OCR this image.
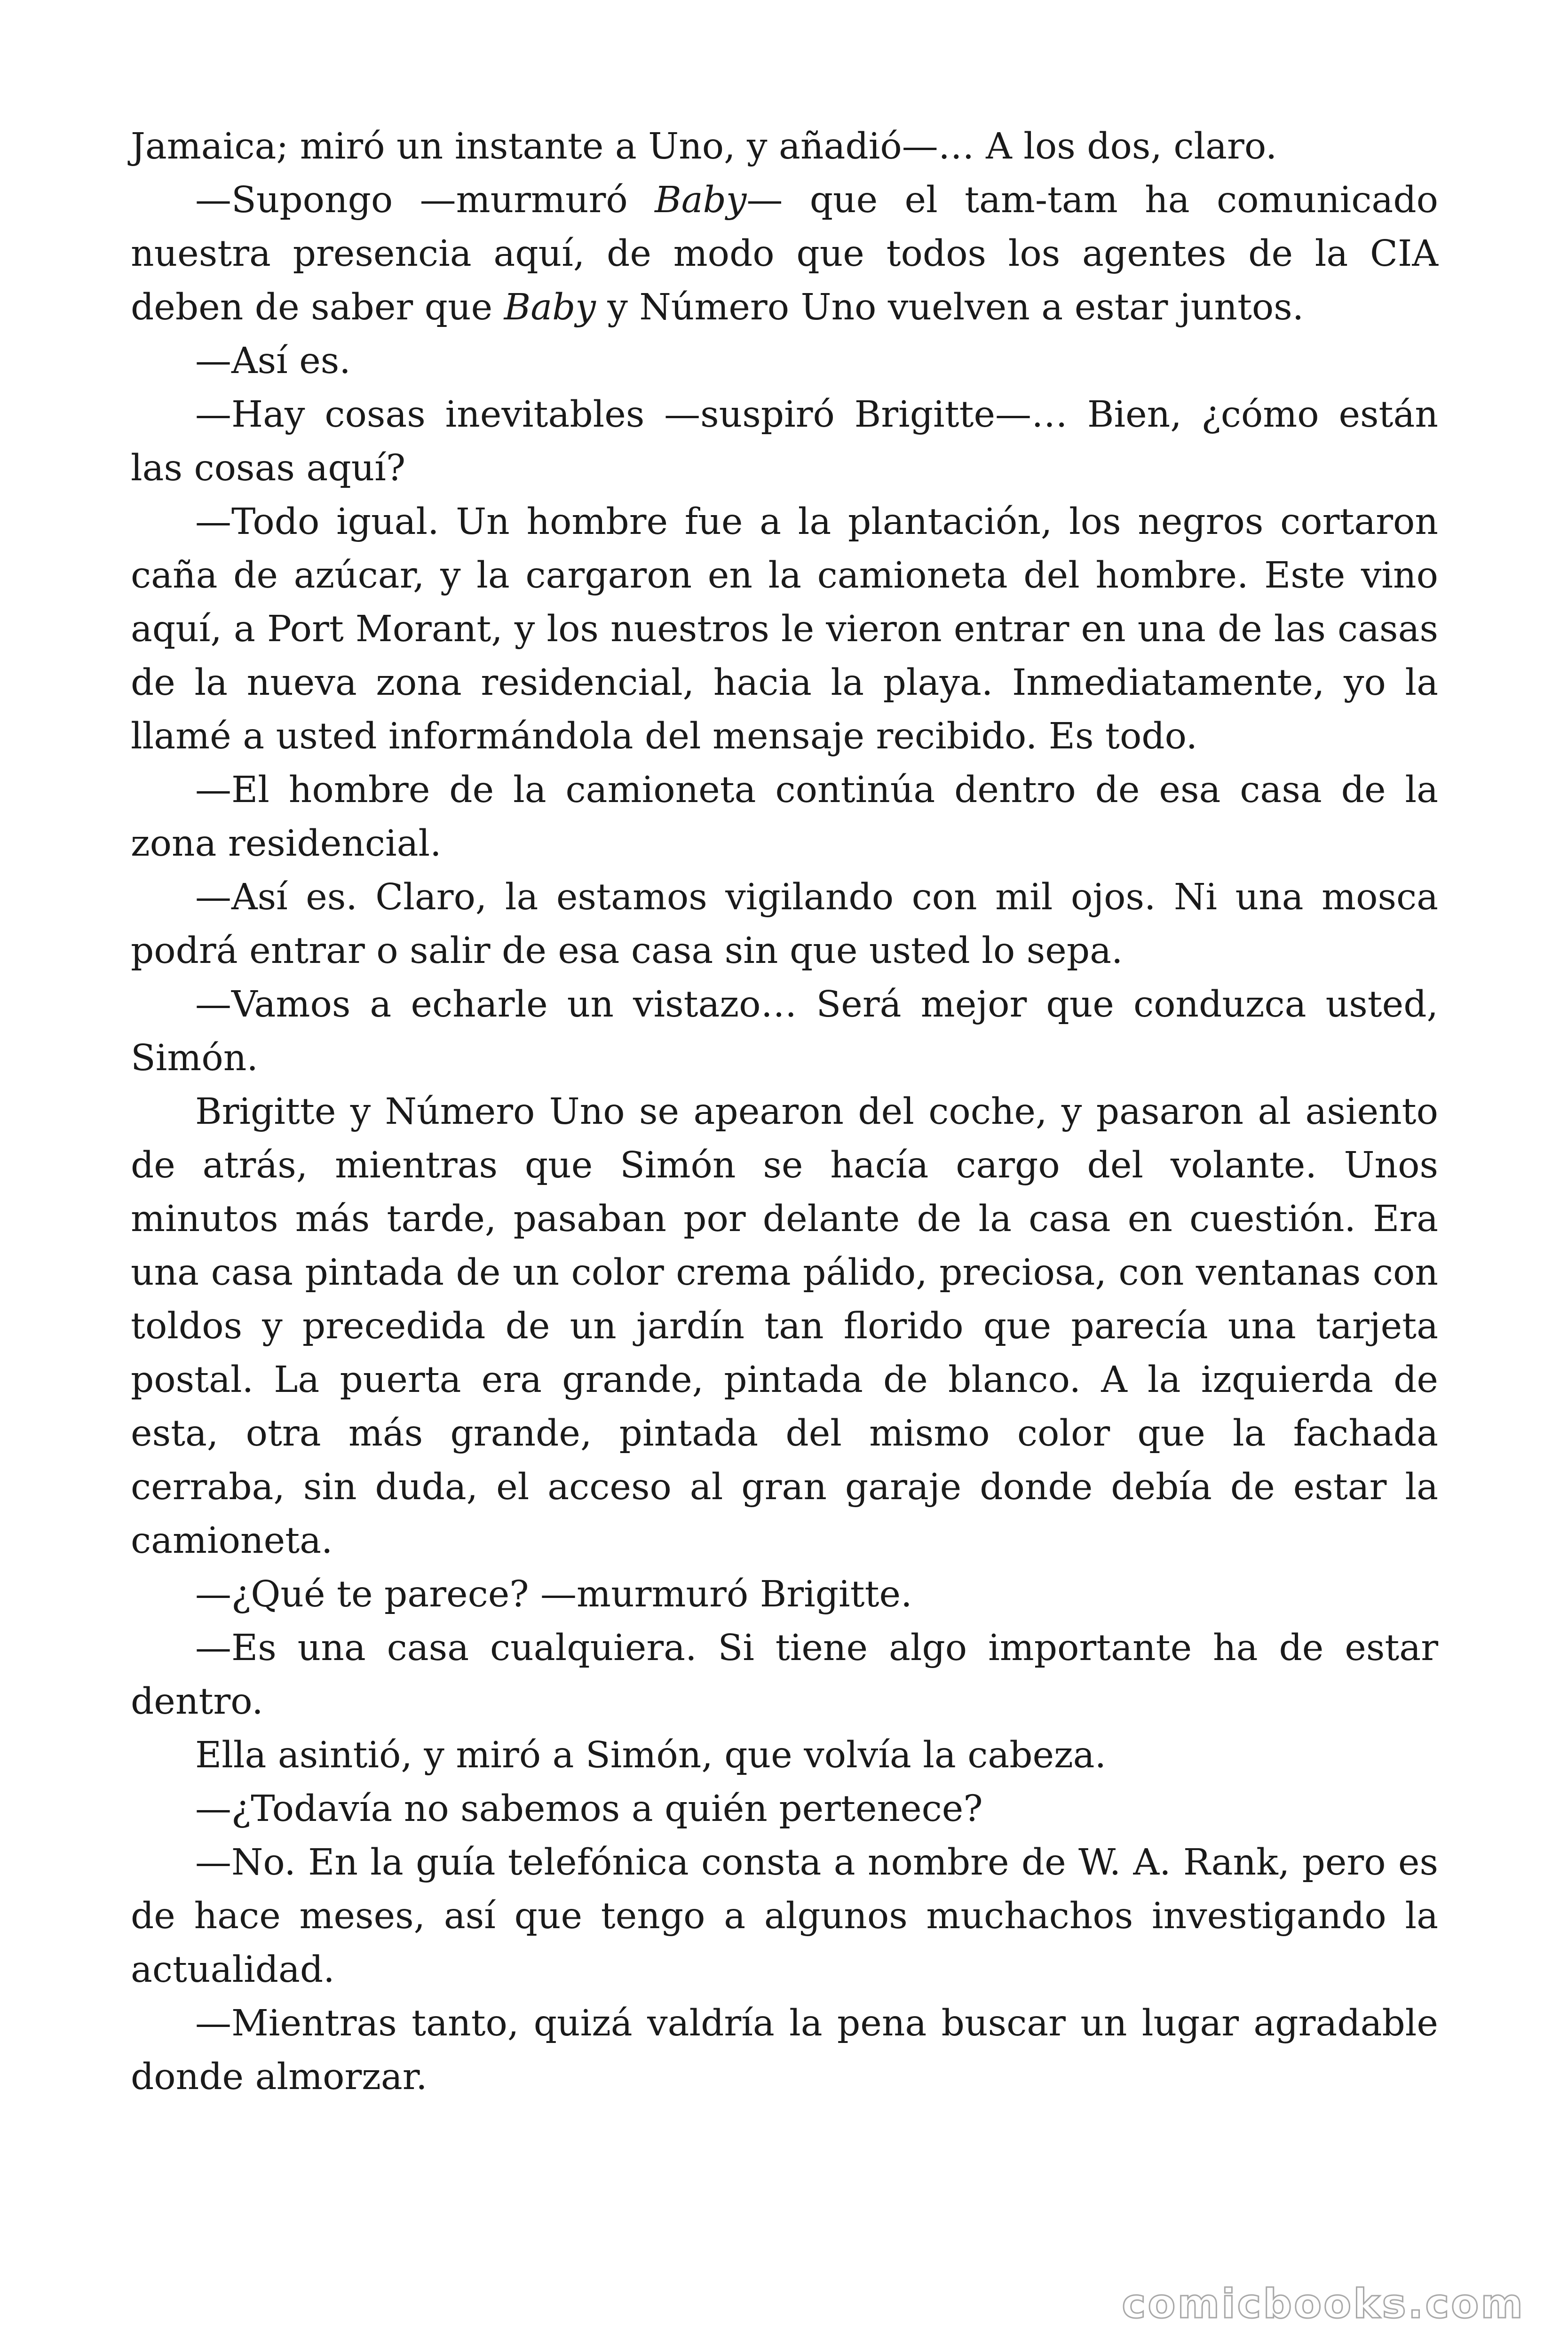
Jamaica; miró un instante a Uno, y añadió—… A los dos, claro.

—Supongo —murmuró Baby— que el tam-tam ha comunicado nuestra presencia aquí, de modo que todos los agentes de la CIA deben de saber que Baby y Número Uno vuelven a estar juntos.

—Así es.

—Hay cosas inevitables —suspiró Brigitte—… Bien, ¿cómo están las cosas aquí?

—Todo igual. Un hombre fue a la plantación, los negros cortaron caña de azúcar, y la cargaron en la camioneta del hombre. Este vino aquí, a Port Morant, y los nuestros le vieron entrar en una de las casas de la nueva zona residencial, hacia la playa. Inmediatamente, yo la llamé a usted informándola del mensaje recibido. Es todo.

—El hombre de la camioneta continúa dentro de esa casa de la zona residencial.

—Así es. Claro, la estamos vigilando con mil ojos. Ni una mosca podrá entrar o salir de esa casa sin que usted lo sepa.

—Vamos a echarle un vistazo… Será mejor que conduzca usted, Simón.

Brigitte y Número Uno se apearon del coche, y pasaron al asiento de atrás, mientras que Simón se hacía cargo del volante. Unos minutos más tarde, pasaban por delante de la casa en cuestión. Era una casa pintada de un color crema pálido, preciosa, con ventanas con toldos y precedida de un jardín tan florido que parecía una tarjeta postal. La puerta era grande, pintada de blanco. A la izquierda de esta, otra más grande, pintada del mismo color que la fachada cerraba, sin duda, el acceso al gran garaje donde debía de estar la camioneta.

—¿Qué te parece? —murmuró Brigitte.

—Es una casa cualquiera. Si tiene algo importante ha de estar dentro.

Ella asintió, y miró a Simón, que volvía la cabeza.

—¿Todavía no sabemos a quién pertenece?

—No. En la guía telefónica consta a nombre de W. A. Rank, pero es de hace meses, así que tengo a algunos muchachos investigando la actualidad.

—Mientras tanto, quizá valdría la pena buscar un lugar agradable donde almorzar.

comicbooks.com
